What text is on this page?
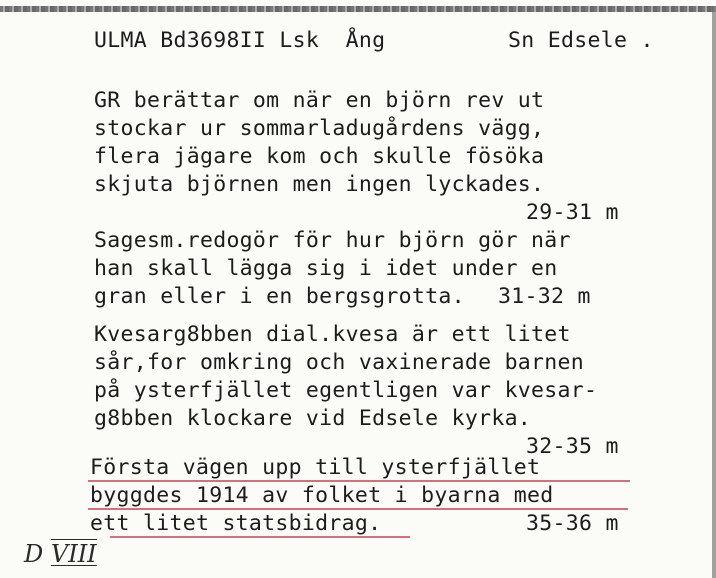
ULMA Bd3698II Lsk  Ång	Sn Edsele .
GR berättar om när en björn rev ut
stockar ur sommarladugårdens vägg,
flera jägare kom och skulle fösöka
skjuta björnen men ingen lyckades.
29-31 m
Sagesm.redogör för hur björn gör när
han skall lägga sig i idet under en
gran eller i en bergsgrotta. 31-32 m
Kvesarg8bben dial.kvesa är ett litet
sår,for omkring och vaxinerade barnen
på ysterfjället egentligen var kvesar-
g8bben klockare vid Edsele kyrka.
32-35 m
Första vägen upp till ysterfjället
byggdes 1914 av folket i byarna med
ett litet statsbidrag.	35-36 m
D VIII
